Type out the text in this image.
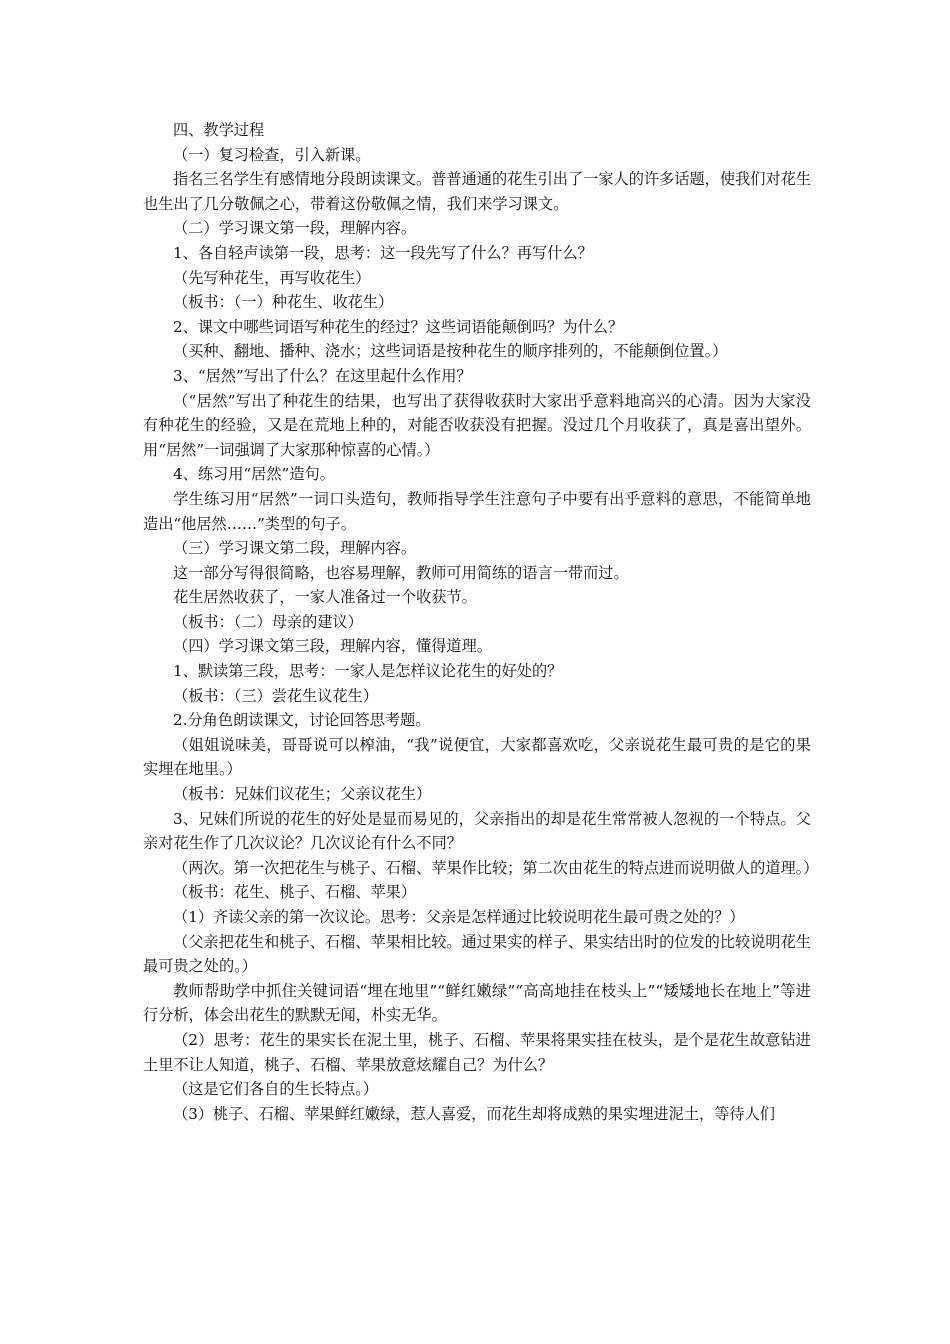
四、教学过程

（一）复习检查，引入新课。

指名三名学生有感情地分段朗读课文。普普通通的花生引出了一家人的许多话题，使我们对花生也生出了几分敬佩之心，带着这份敬佩之情，我们来学习课文。

（二）学习课文第一段，理解内容。

1、各自轻声读第一段，思考：这一段先写了什么？再写什么？

（先写种花生，再写收花生）

（板书：（一）种花生、收花生）

2、课文中哪些词语写种花生的经过？这些词语能颠倒吗？为什么？

（买种、翻地、播种、浇水；这些词语是按种花生的顺序排列的，不能颠倒位置。）

3、“居然”写出了什么？在这里起什么作用？

（“居然”写出了种花生的结果，也写出了获得收获时大家出乎意料地高兴的心清。因为大家没有种花生的经验，又是在荒地上种的，对能否收获没有把握。没过几个月收获了，真是喜出望外。用“居然”一词强调了大家那种惊喜的心情。）

4、练习用“居然”造句。

学生练习用“居然”一词口头造句，教师指导学生注意句子中要有出乎意料的意思，不能简单地造出“他居然……”类型的句子。

（三）学习课文第二段，理解内容。

这一部分写得很简略，也容易理解，教师可用简练的语言一带而过。

花生居然收获了，一家人准备过一个收获节。

（板书：（二）母亲的建议）

（四）学习课文第三段，理解内容，懂得道理。

1、默读第三段，思考：一家人是怎样议论花生的好处的？

（板书：（三）尝花生议花生）

2.分角色朗读课文，讨论回答思考题。

（姐姐说味美，哥哥说可以榨油，“我”说便宜，大家都喜欢吃，父亲说花生最可贵的是它的果实埋在地里。）

（板书：兄妹们议花生；父亲议花生）

3、兄妹们所说的花生的好处是显而易见的，父亲指出的却是花生常常被人忽视的一个特点。父亲对花生作了几次议论？几次议论有什么不同？

（两次。第一次把花生与桃子、石榴、苹果作比较；第二次由花生的特点进而说明做人的道理。）

（板书：花生、桃子、石榴、苹果）

（1）齐读父亲的第一次议论。思考：父亲是怎样通过比较说明花生最可贵之处的？）

（父亲把花生和桃子、石榴、苹果相比较。通过果实的样子、果实结出时的位发的比较说明花生最可贵之处的。）

教师帮助学中抓住关键词语“埋在地里”“鲜红嫩绿”“高高地挂在枝头上”“矮矮地长在地上”等进行分析，体会出花生的默默无闻，朴实无华。

（2）思考：花生的果实长在泥土里，桃子、石榴、苹果将果实挂在枝头，是个是花生故意钻进土里不让人知道，桃子、石榴、苹果放意炫耀自己？为什么？

（这是它们各自的生长特点。）

（3）桃子、石榴、苹果鲜红嫩绿，惹人喜爱，而花生却将成熟的果实埋进泥土，等待人们
